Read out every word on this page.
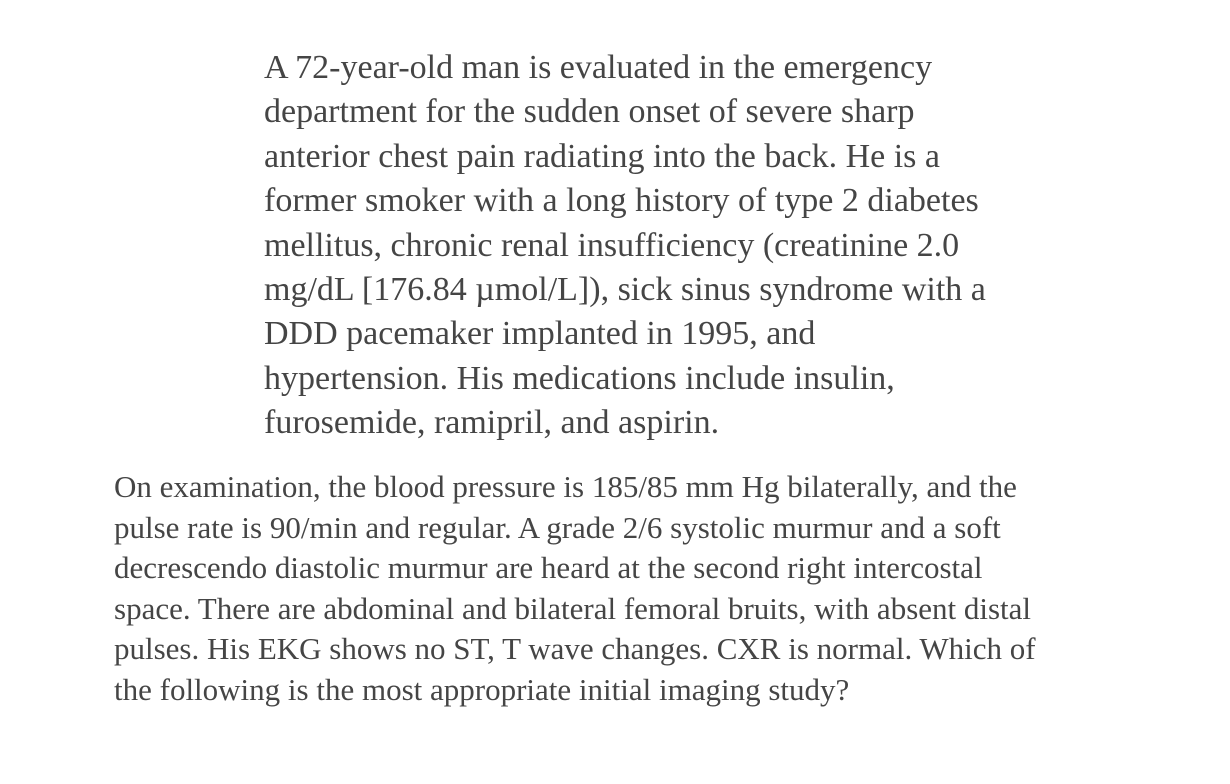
A 72-year-old man is evaluated in the emergency
department for the sudden onset of severe sharp
anterior chest pain radiating into the back. He is a
former smoker with a long history of type 2 diabetes
mellitus, chronic renal insufficiency (creatinine 2.0
mg/dL [176.84 µmol/L]), sick sinus syndrome with a
DDD pacemaker implanted in 1995, and
hypertension. His medications include insulin,
furosemide, ramipril, and aspirin.

On examination, the blood pressure is 185/85 mm Hg bilaterally, and the
pulse rate is 90/min and regular. A grade 2/6 systolic murmur and a soft
decrescendo diastolic murmur are heard at the second right intercostal
space. There are abdominal and bilateral femoral bruits, with absent distal
pulses. His EKG shows no ST, T wave changes. CXR is normal. Which of
the following is the most appropriate initial imaging study?
